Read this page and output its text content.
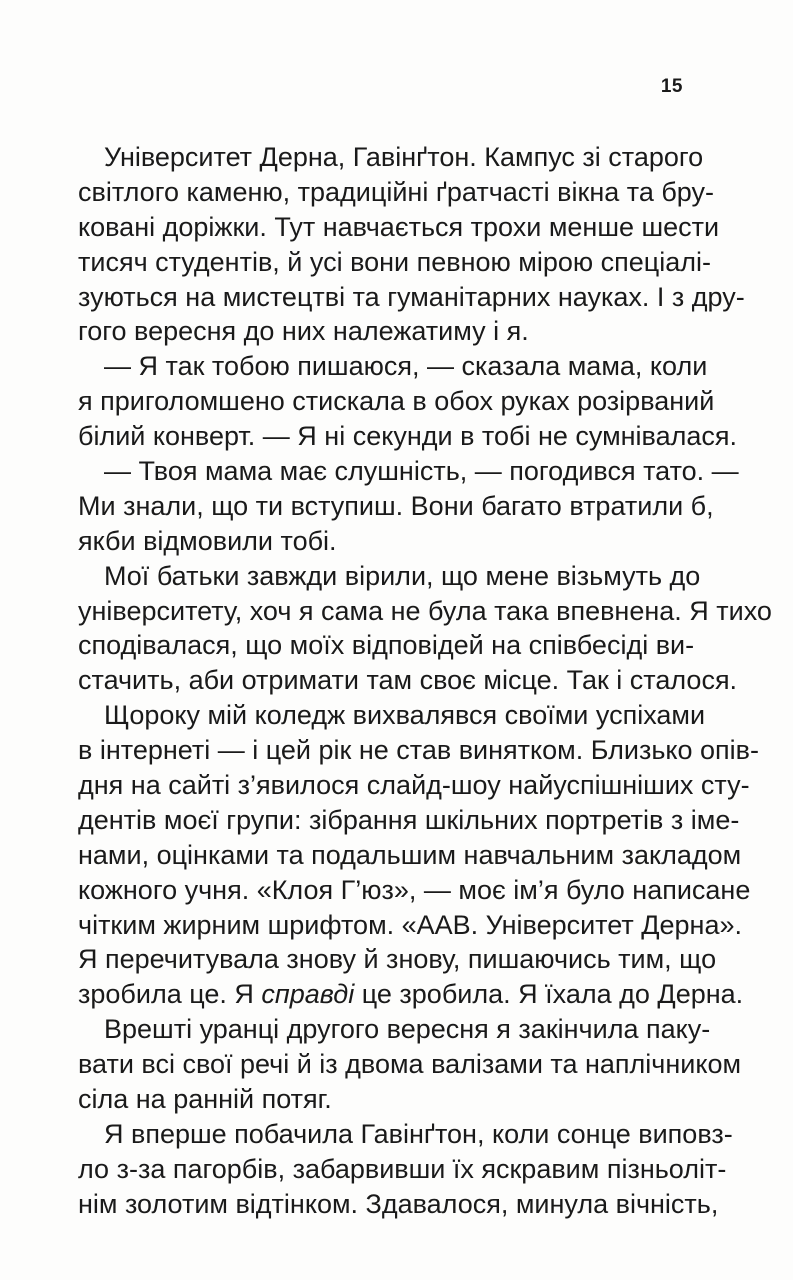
15
Університет Дерна, Гавінґтон. Кампус зі старого
світлого каменю, традиційні ґратчасті вікна та бру-
ковані доріжки. Тут навчається трохи менше шести
тисяч студентів, й усі вони певною мірою спеціалі-
зуються на мистецтві та гуманітарних науках. І з дру-
гого вересня до них належатиму і я.
— Я так тобою пишаюся, — сказала мама, коли
я приголомшено стискала в обох руках розірваний
білий конверт. — Я ні секунди в тобі не сумнівалася.
— Твоя мама має слушність, — погодився тато. —
Ми знали, що ти вступиш. Вони багато втратили б,
якби відмовили тобі.
Мої батьки завжди вірили, що мене візьмуть до
університету, хоч я сама не була така впевнена. Я тихо
сподівалася, що моїх відповідей на співбесіді ви-
стачить, аби отримати там своє місце. Так і сталося.
Щороку мій коледж вихвалявся своїми успіхами
в інтернеті — і цей рік не став винятком. Близько опів-
дня на сайті з’явилося слайд-шоу найуспішніших сту-
дентів моєї групи: зібрання шкільних портретів з іме-
нами, оцінками та подальшим навчальним закладом
кожного учня. «Клоя Г’юз», — моє ім’я було написане
чітким жирним шрифтом. «ААВ. Університет Дерна».
Я перечитувала знову й знову, пишаючись тим, що
зробила це. Я справді це зробила. Я їхала до Дерна.
Врешті уранці другого вересня я закінчила паку-
вати всі свої речі й із двома валізами та наплічником
сіла на ранній потяг.
Я вперше побачила Гавінґтон, коли сонце виповз-
ло з-за пагорбів, забарвивши їх яскравим пізньоліт-
нім золотим відтінком. Здавалося, минула вічність,
